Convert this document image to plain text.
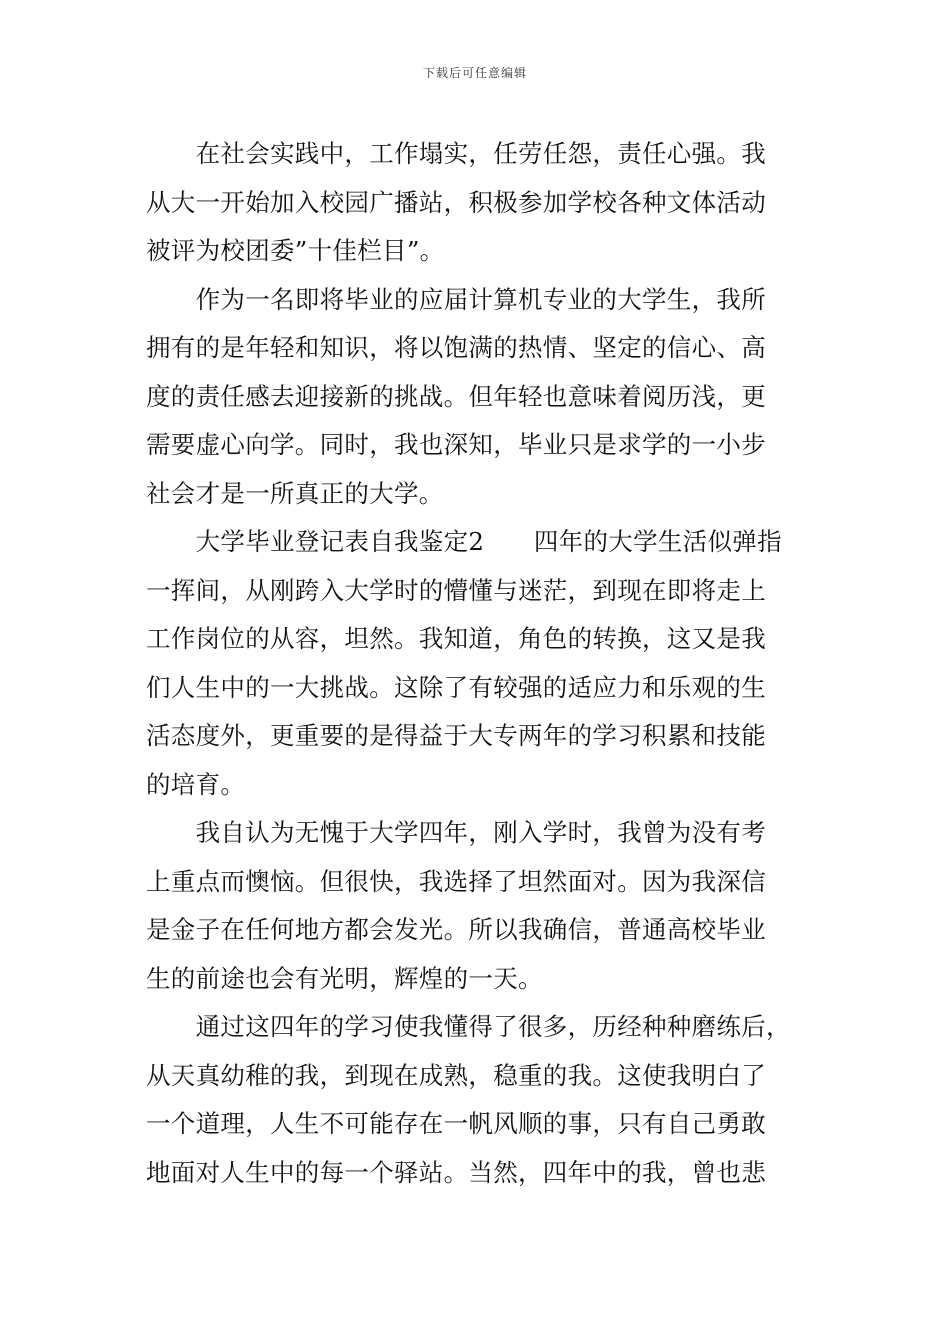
下载后可任意编辑
　　在社会实践中，工作塌实，任劳任怨，责任心强。我
从大一开始加入校园广播站，积极参加学校各种文体活动
被评为校团委”十佳栏目”。
　　作为一名即将毕业的应届计算机专业的大学生，我所
拥有的是年轻和知识，将以饱满的热情、坚定的信心、高
度的责任感去迎接新的挑战。但年轻也意味着阅历浅，更
需要虚心向学。同时，我也深知，毕业只是求学的一小步
社会才是一所真正的大学。
　　大学毕业登记表自我鉴定2　　四年的大学生活似弹指
一挥间，从刚跨入大学时的懵懂与迷茫，到现在即将走上
工作岗位的从容，坦然。我知道，角色的转换，这又是我
们人生中的一大挑战。这除了有较强的适应力和乐观的生
活态度外，更重要的是得益于大专两年的学习积累和技能
的培育。
　　我自认为无愧于大学四年，刚入学时，我曾为没有考
上重点而懊恼。但很快，我选择了坦然面对。因为我深信
是金子在任何地方都会发光。所以我确信，普通高校毕业
生的前途也会有光明，辉煌的一天。
　　通过这四年的学习使我懂得了很多，历经种种磨练后，
从天真幼稚的我，到现在成熟，稳重的我。这使我明白了
一个道理，人生不可能存在一帆风顺的事，只有自己勇敢
地面对人生中的每一个驿站。当然，四年中的我，曾也悲
